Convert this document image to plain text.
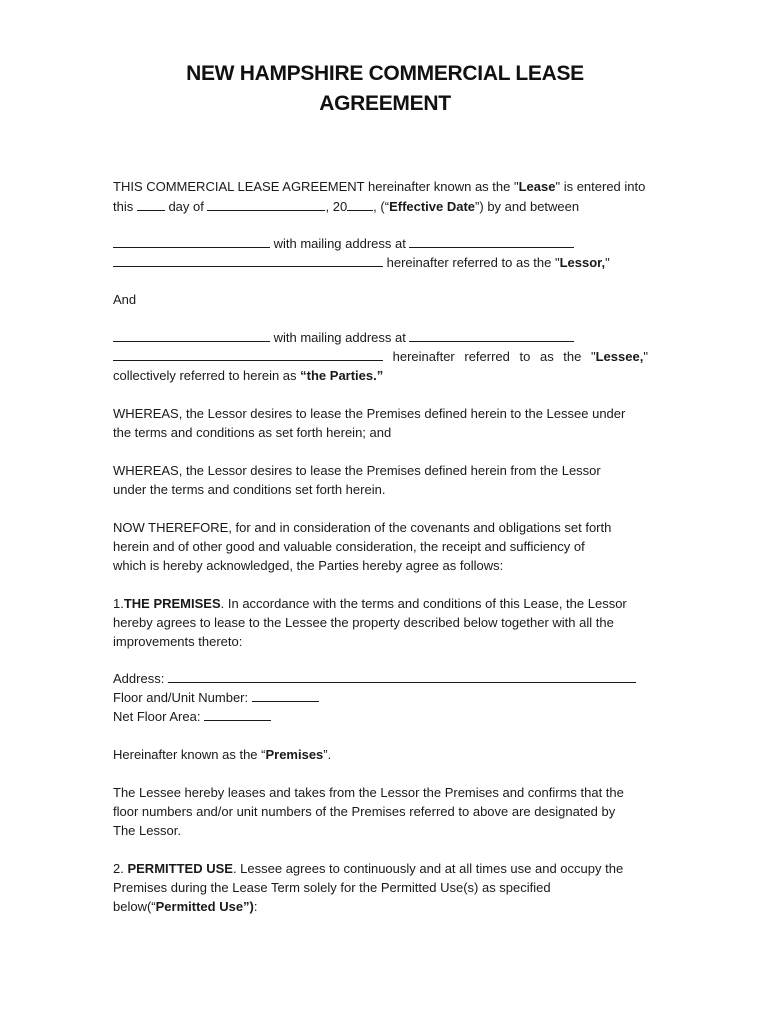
NEW HAMPSHIRE COMMERCIAL LEASE
AGREEMENT
THIS COMMERCIAL LEASE AGREEMENT hereinafter known as the "Lease" is entered into
this  day of	, 20 , (“Effective Date”) by and between
with mailing address at
hereinafter referred to as the "Lessor,"
And
with mailing address at
hereinafter referred to as the "Lessee,"
collectively referred to herein as “the Parties.”
WHEREAS, the Lessor desires to lease the Premises defined herein to the Lessee under
the terms and conditions as set forth herein; and
WHEREAS, the Lessor desires to lease the Premises defined herein from the Lessor
under the terms and conditions set forth herein.
NOW THEREFORE, for and in consideration of the covenants and obligations set forth
herein and of other good and valuable consideration, the receipt and sufficiency of
which is hereby acknowledged, the Parties hereby agree as follows:
1.THE PREMISES. In accordance with the terms and conditions of this Lease, the Lessor
hereby agrees to lease to the Lessee the property described below together with all the
improvements thereto:
Address:
Floor and/Unit Number:
Net Floor Area:
Hereinafter known as the “Premises”.
The Lessee hereby leases and takes from the Lessor the Premises and confirms that the
floor numbers and/or unit numbers of the Premises referred to above are designated by
The Lessor.
2. PERMITTED USE. Lessee agrees to continuously and at all times use and occupy the
Premises during the Lease Term solely for the Permitted Use(s) as specified
below(“Permitted Use”):
